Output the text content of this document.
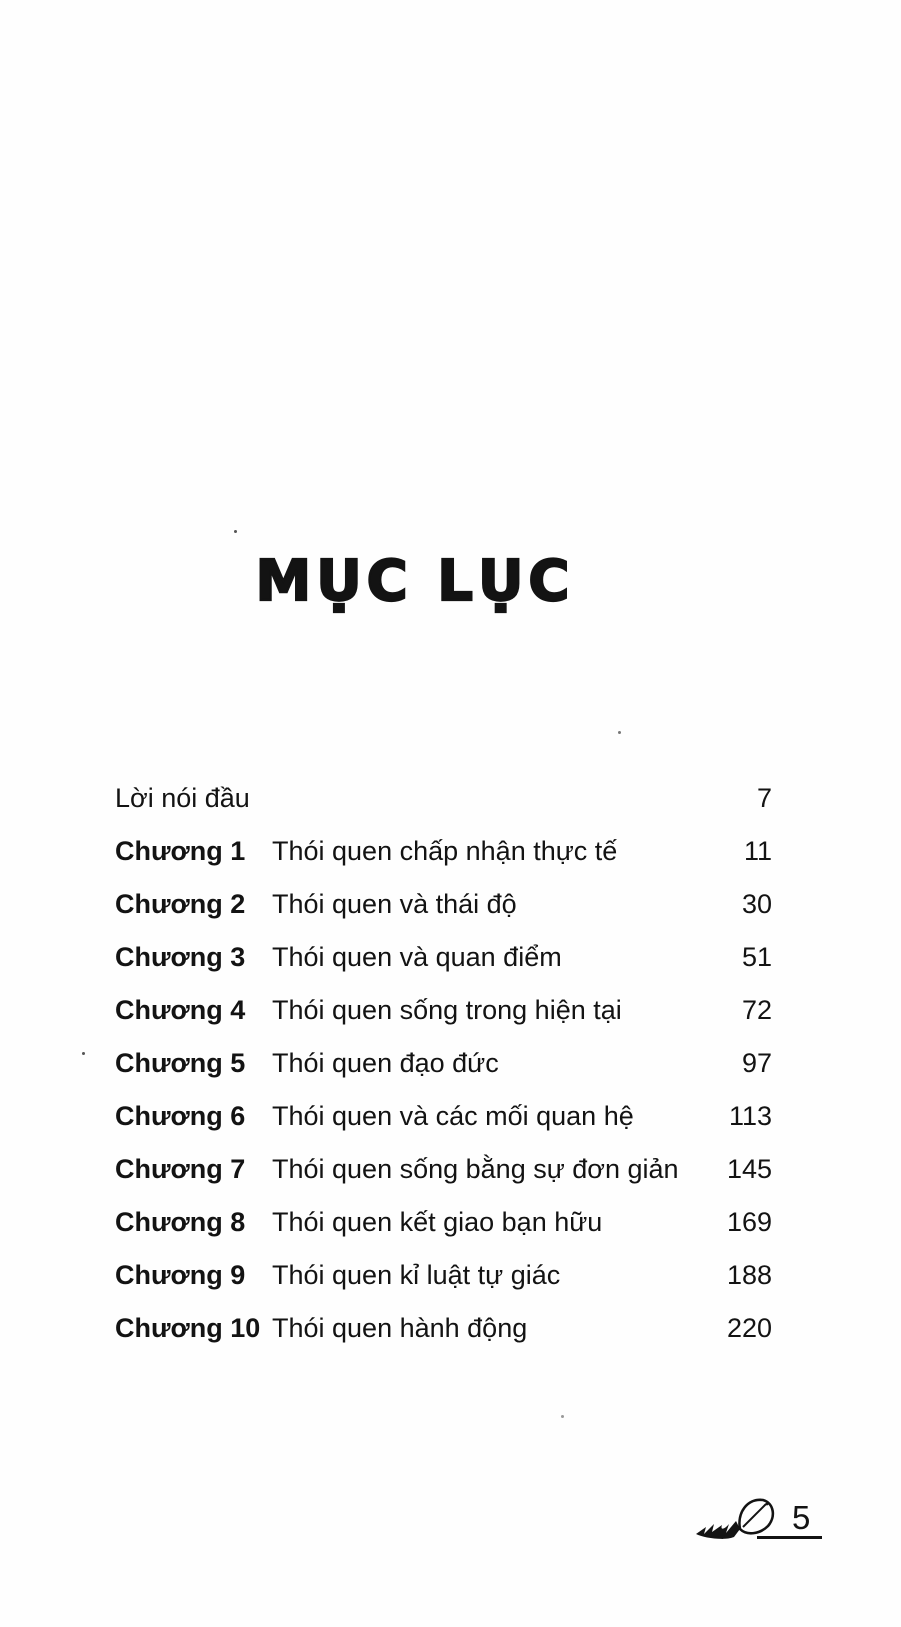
MỤC LỤC
Lời nói đầu	7
Chương 1 Thói quen chấp nhận thực tế	11
Chương 2 Thói quen và thái độ	30
Chương 3 Thói quen và quan điểm	51
Chương 4 Thói quen sống trong hiện tại	72
Chương 5 Thói quen đạo đức	97
Chương 6 Thói quen và các mối quan hệ	113
Chương 7 Thói quen sống bằng sự đơn giản	145
Chương 8 Thói quen kết giao bạn hữu	169
Chương 9 Thói quen kỉ luật tự giác	188
Chương 10 Thói quen hành động	220
5
